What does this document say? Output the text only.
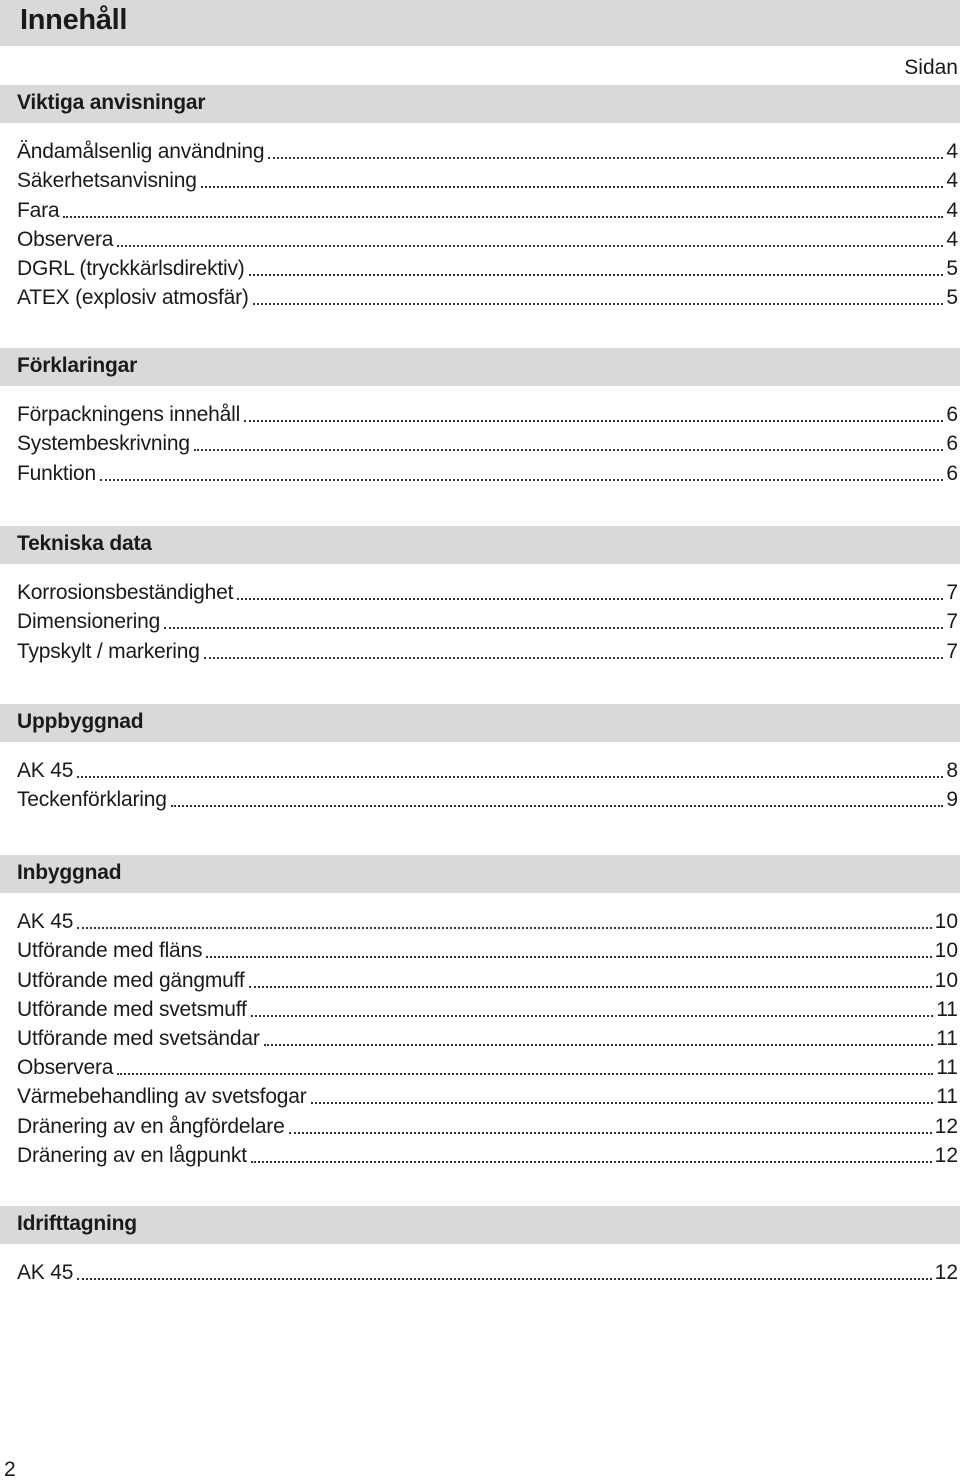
Innehåll
Sidan
Viktiga anvisningar
Ändamålsenlig användning	4
Säkerhetsanvisning	4
Fara	4
Observera	4
DGRL (tryckkärlsdirektiv)	5
ATEX (explosiv atmosfär)	5
Förklaringar
Förpackningens innehåll	6
Systembeskrivning	6
Funktion	6
Tekniska data
Korrosionsbeständighet	7
Dimensionering	7
Typskylt / markering	7
Uppbyggnad
AK 45	8
Teckenförklaring	9
Inbyggnad
AK 45	10
Utförande med fläns	10
Utförande med gängmuff	10
Utförande med svetsmuff	11
Utförande med svetsändar	11
Observera	11
Värmebehandling av svetsfogar	11
Dränering av en ångfördelare	12
Dränering av en lågpunkt	12
Idrifttagning
AK 45	12
2
